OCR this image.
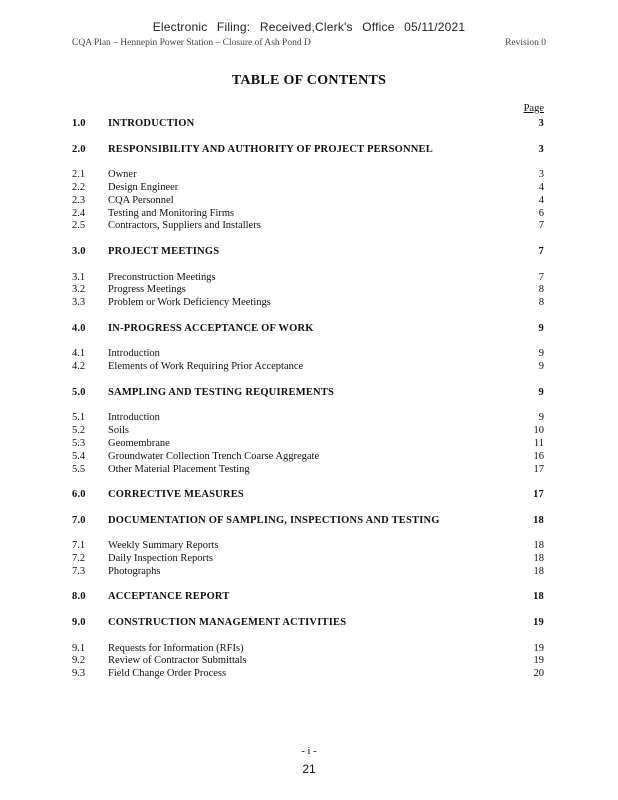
Electronic Filing: Received,Clerk's Office 05/11/2021
CQA Plan – Hennepin Power Station – Closure of Ash Pond D	Revision 0
TABLE OF CONTENTS
Page
1.0	INTRODUCTION	3
2.0	RESPONSIBILITY AND AUTHORITY OF PROJECT PERSONNEL	3
2.1	Owner	3
2.2	Design Engineer	4
2.3	CQA Personnel	4
2.4	Testing and Monitoring Firms	6
2.5	Contractors, Suppliers and Installers	7
3.0	PROJECT MEETINGS	7
3.1	Preconstruction Meetings	7
3.2	Progress Meetings	8
3.3	Problem or Work Deficiency Meetings	8
4.0	IN-PROGRESS ACCEPTANCE OF WORK	9
4.1	Introduction	9
4.2	Elements of Work Requiring Prior Acceptance	9
5.0	SAMPLING AND TESTING REQUIREMENTS	9
5.1	Introduction	9
5.2	Soils	10
5.3	Geomembrane	11
5.4	Groundwater Collection Trench Coarse Aggregate	16
5.5	Other Material Placement Testing	17
6.0	CORRECTIVE MEASURES	17
7.0	DOCUMENTATION OF SAMPLING, INSPECTIONS AND TESTING	18
7.1	Weekly Summary Reports	18
7.2	Daily Inspection Reports	18
7.3	Photographs	18
8.0	ACCEPTANCE REPORT	18
9.0	CONSTRUCTION MANAGEMENT ACTIVITIES	19
9.1	Requests for Information (RFIs)	19
9.2	Review of Contractor Submittals	19
9.3	Field Change Order Process	20
- i -
21
